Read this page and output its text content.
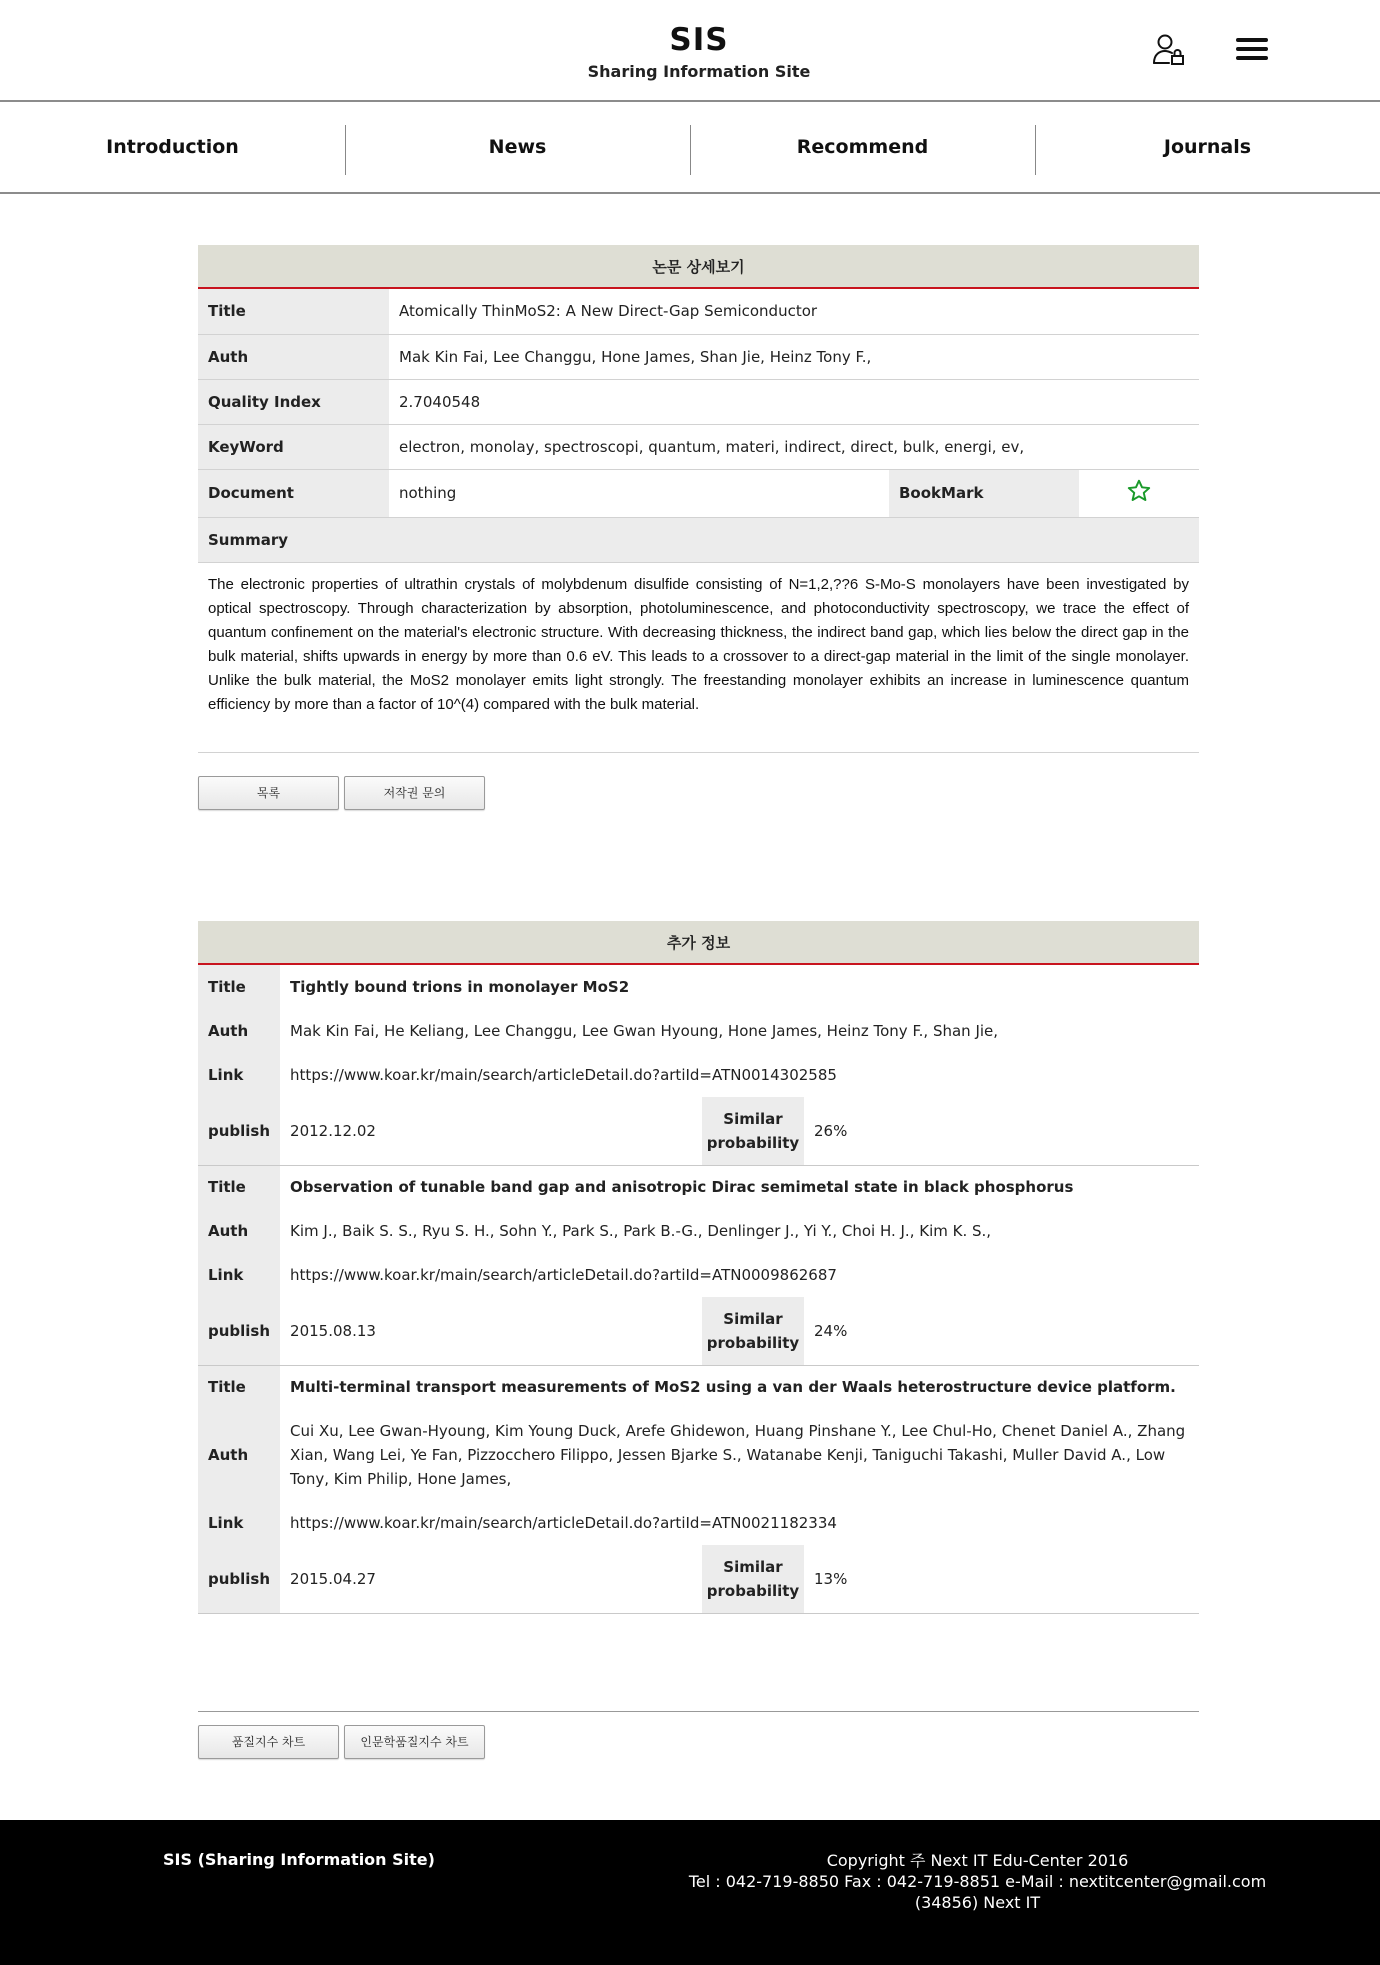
SIS
Sharing Information Site
Introduction	News	Recommend	Journals
논문 상세보기
Title	Atomically ThinMoS2: A New Direct-Gap Semiconductor		
Auth	Mak Kin Fai, Lee Changgu, Hone James, Shan Jie, Heinz Tony F.,		
Quality Index	2.7040548		
KeyWord	electron, monolay, spectroscopi, quantum, materi, indirect, direct, bulk, energi, ev,		
Document	nothing	BookMark	
Summary			
The electronic properties of ultrathin crystals of molybdenum disulfide consisting of N=1,2,??6 S-Mo-S monolayers have been investigated by optical spectroscopy. Through characterization by absorption, photoluminescence, and photoconductivity spectroscopy, we trace the effect of quantum confinement on the material's electronic structure. With decreasing thickness, the indirect band gap, which lies below the direct gap in the bulk material, shifts upwards in energy by more than 0.6 eV. This leads to a crossover to a direct-gap material in the limit of the single monolayer. Unlike the bulk material, the MoS2 monolayer emits light strongly. The freestanding monolayer exhibits an increase in luminescence quantum efficiency by more than a factor of 10^(4) compared with the bulk material.
목록	저작권 문의
추가 정보
Title	Tightly bound trions in monolayer MoS2		
Auth	Mak Kin Fai, He Keliang, Lee Changgu, Lee Gwan Hyoung, Hone James, Heinz Tony F., Shan Jie,		
Link	https://www.koar.kr/main/search/articleDetail.do?artiId=ATN0014302585		
publish	2012.12.02	Similar probability	26%
Title	Observation of tunable band gap and anisotropic Dirac semimetal state in black phosphorus		
Auth	Kim J., Baik S. S., Ryu S. H., Sohn Y., Park S., Park B.-G., Denlinger J., Yi Y., Choi H. J., Kim K. S.,		
Link	https://www.koar.kr/main/search/articleDetail.do?artiId=ATN0009862687		
publish	2015.08.13	Similar probability	24%
Title	Multi-terminal transport measurements of MoS2 using a van der Waals heterostructure device platform.		
Auth	Cui Xu, Lee Gwan-Hyoung, Kim Young Duck, Arefe Ghidewon, Huang Pinshane Y., Lee Chul-Ho, Chenet Daniel A., Zhang Xian, Wang Lei, Ye Fan, Pizzocchero Filippo, Jessen Bjarke S., Watanabe Kenji, Taniguchi Takashi, Muller David A., Low Tony, Kim Philip, Hone James,		
Link	https://www.koar.kr/main/search/articleDetail.do?artiId=ATN0021182334		
publish	2015.04.27	Similar probability	13%
품질지수 차트	인문학품질지수 차트
SIS (Sharing Information Site)	Copyright 주 Next IT Edu-Center 2016
Tel : 042-719-8850 Fax : 042-719-8851 e-Mail : nextitcenter@gmail.com
(34856) Next IT
